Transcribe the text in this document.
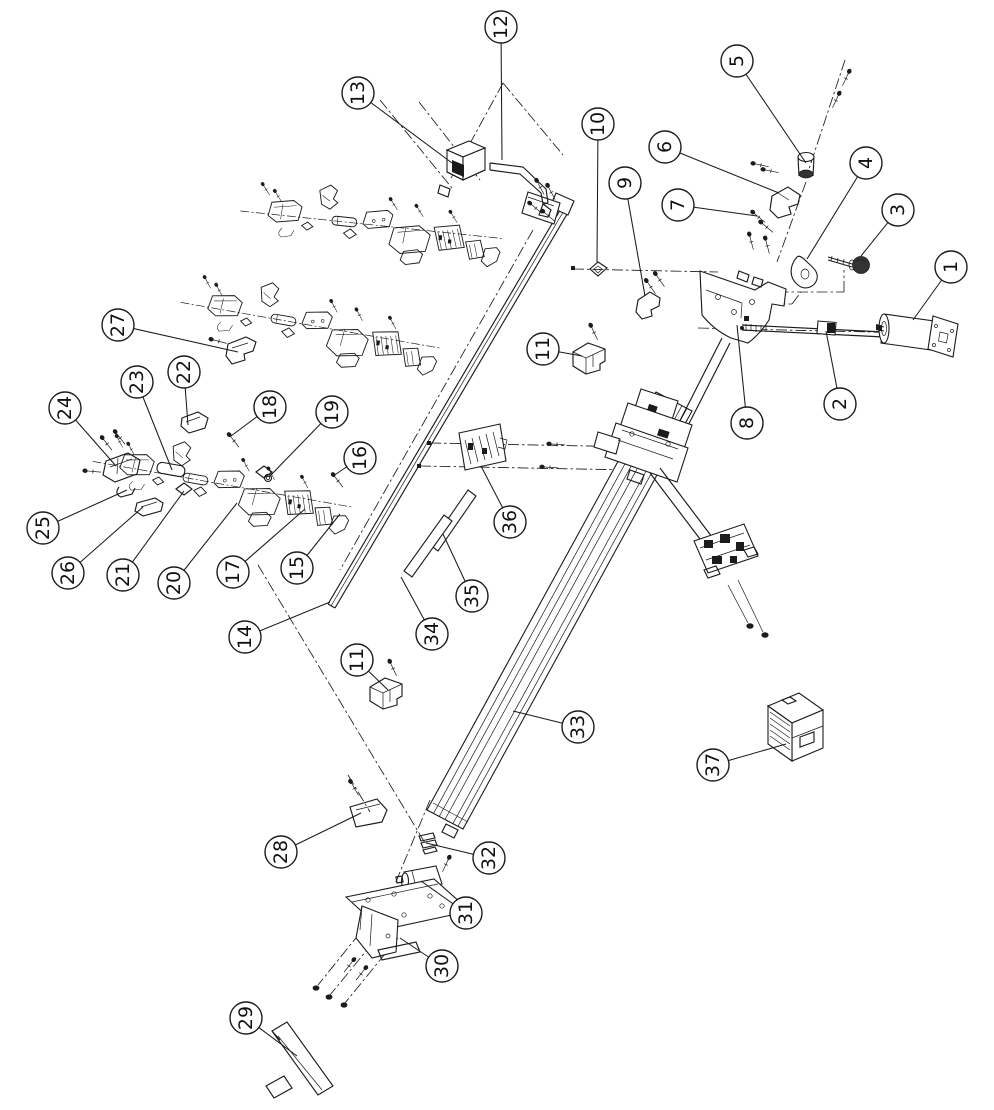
1
2
3
4
5
6
7
8
9
10
11
12
13
14
15
16
17
18 19
20
21
22
23
24
25
26
27
28
29
30
31
32
33
34
35
36
37
11
